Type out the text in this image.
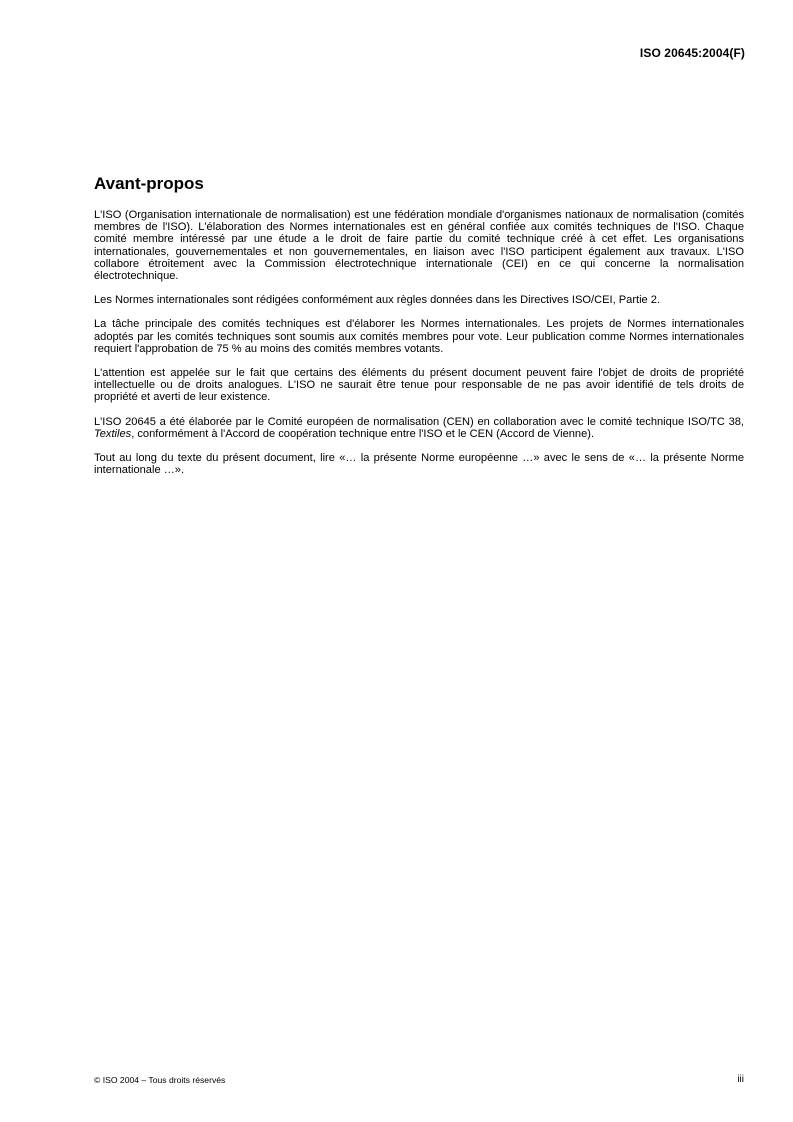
ISO 20645:2004(F)
Avant-propos

L'ISO (Organisation internationale de normalisation) est une fédération mondiale d'organismes nationaux de normalisation (comités membres de l'ISO). L'élaboration des Normes internationales est en général confiée aux comités techniques de l'ISO. Chaque comité membre intéressé par une étude a le droit de faire partie du comité technique créé à cet effet. Les organisations internationales, gouvernementales et non gouvernementales, en liaison avec l'ISO participent également aux travaux. L'ISO collabore étroitement avec la Commission électrotechnique internationale (CEI) en ce qui concerne la normalisation électrotechnique.

Les Normes internationales sont rédigées conformément aux règles données dans les Directives ISO/CEI, Partie 2.

La tâche principale des comités techniques est d'élaborer les Normes internationales. Les projets de Normes internationales adoptés par les comités techniques sont soumis aux comités membres pour vote. Leur publication comme Normes internationales requiert l'approbation de 75 % au moins des comités membres votants.

L'attention est appelée sur le fait que certains des éléments du présent document peuvent faire l'objet de droits de propriété intellectuelle ou de droits analogues. L'ISO ne saurait être tenue pour responsable de ne pas avoir identifié de tels droits de propriété et averti de leur existence.

L'ISO 20645 a été élaborée par le Comité européen de normalisation (CEN) en collaboration avec le comité technique ISO/TC 38, Textiles, conformément à l'Accord de coopération technique entre l'ISO et le CEN (Accord de Vienne).

Tout au long du texte du présent document, lire «… la présente Norme européenne …» avec le sens de «… la présente Norme internationale …».

© ISO 2004 – Tous droits réservés	iii
